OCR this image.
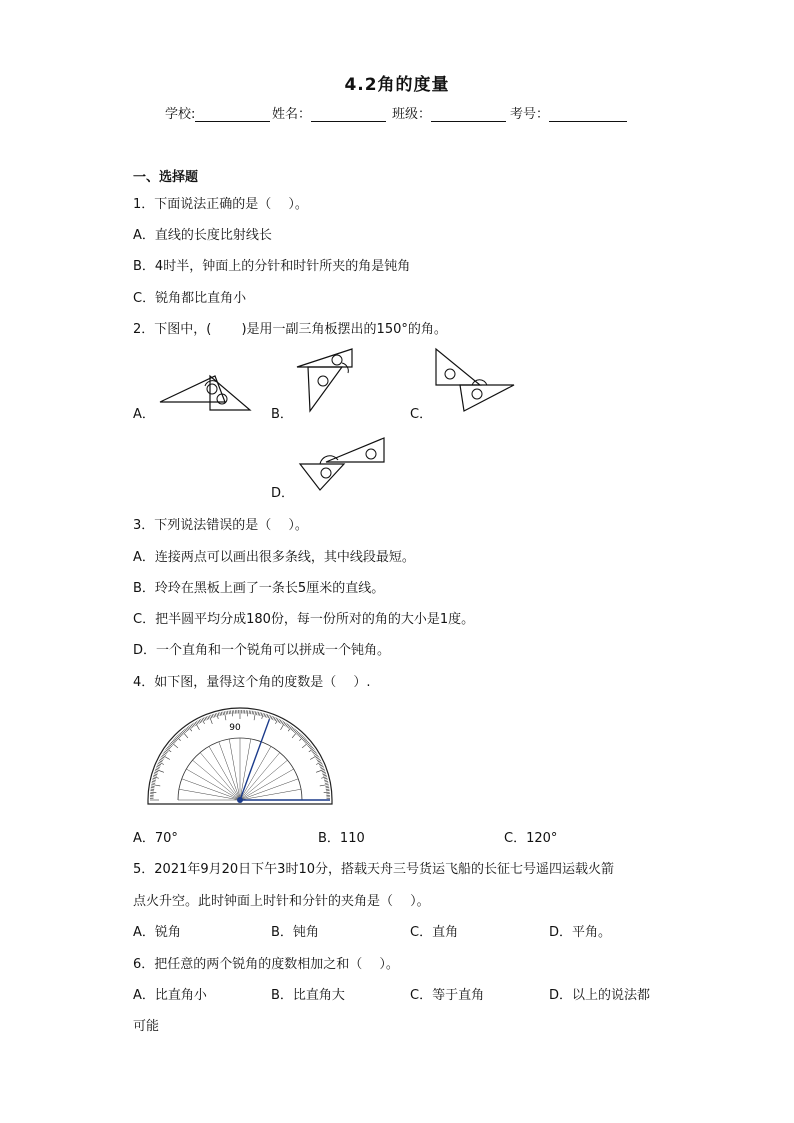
4.2角的度量
学校:	姓名：	班级：	考号：
一、选择题
1．下面说法正确的是（　 ）。
A．直线的长度比射线长
B．4时半，钟面上的分针和时针所夹的角是钝角
C．锐角都比直角小
2．下图中，(　　 )是用一副三角板摆出的150°的角。
A．	B．	C．
D．
3．下列说法错误的是（　 ）。
A．连接两点可以画出很多条线，其中线段最短。
B．玲玲在黑板上画了一条长5厘米的直线。
C．把半圆平均分成180份，每一份所对的角的大小是1度。
D．一个直角和一个锐角可以拼成一个钝角。
4．如下图，量得这个角的度数是（　 ）.
90
A．70°	B．110	C．120°
5．2021年9月20日下午3时10分，搭载天舟三号货运飞船的长征七号遥四运载火箭
点火升空。此时钟面上时针和分针的夹角是（　 ）。
A．锐角	B．钝角	C．直角	D．平角。
6．把任意的两个锐角的度数相加之和（　 ）。
A．比直角小	B．比直角大	C．等于直角	D．以上的说法都
可能
